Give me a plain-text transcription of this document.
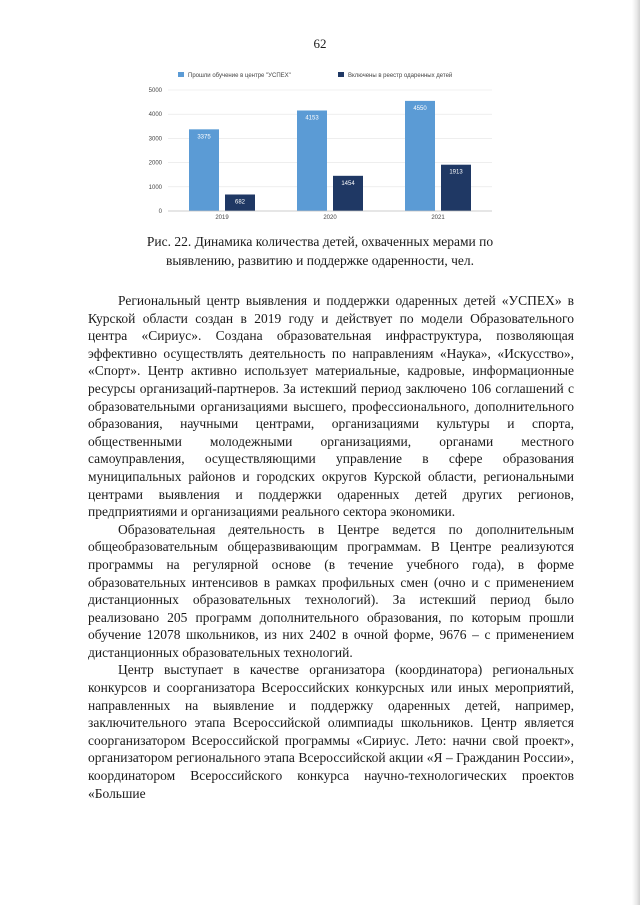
62
Прошли обучение в центре "УСПЕХ"	Включены в реестр одаренных детей
0
1000
2000
3000
4000
5000
3375
682
2019
4153
1454
2020
4550
1913
2021
Рис. 22. Динамика количества детей, охваченных мерами по
выявлению, развитию и поддержке одаренности, чел.

Региональный центр выявления и поддержки одаренных детей «УСПЕХ» в Курской области создан в 2019 году и действует по модели Образовательного центра «Сириус». Создана образовательная инфраструктура, позволяющая эффективно осуществлять деятельность по направлениям «Наука», «Искусство», «Спорт». Центр активно использует материальные, кадровые, информационные ресурсы организаций-партнеров. За истекший период заключено 106 соглашений с образовательными организациями высшего, профессионального, дополнительного образования, научными центрами, организациями культуры и спорта, общественными молодежными организациями, органами местного самоуправления, осуществляющими управление в сфере образования муниципальных районов и городских округов Курской области, региональными центрами выявления и поддержки одаренных детей других регионов, предприятиями и организациями реального сектора экономики.

Образовательная деятельность в Центре ведется по дополнительным общеобразовательным общеразвивающим программам. В Центре реализуются программы на регулярной основе (в течение учебного года), в форме образовательных интенсивов в рамках профильных смен (очно и с применением дистанционных образовательных технологий). За истекший период было реализовано 205 программ дополнительного образования, по которым прошли обучение 12078 школьников, из них 2402 в очной форме, 9676 – с применением дистанционных образовательных технологий.

Центр выступает в качестве организатора (координатора) региональных конкурсов и соорганизатора Всероссийских конкурсных или иных мероприятий, направленных на выявление и поддержку одаренных детей, например, заключительного этапа Всероссийской олимпиады школьников. Центр является соорганизатором Всероссийской программы «Сириус. Лето: начни свой проект», организатором регионального этапа Всероссийской акции «Я – Гражданин России», координатором Всероссийского конкурса научно-технологических проектов «Большие
